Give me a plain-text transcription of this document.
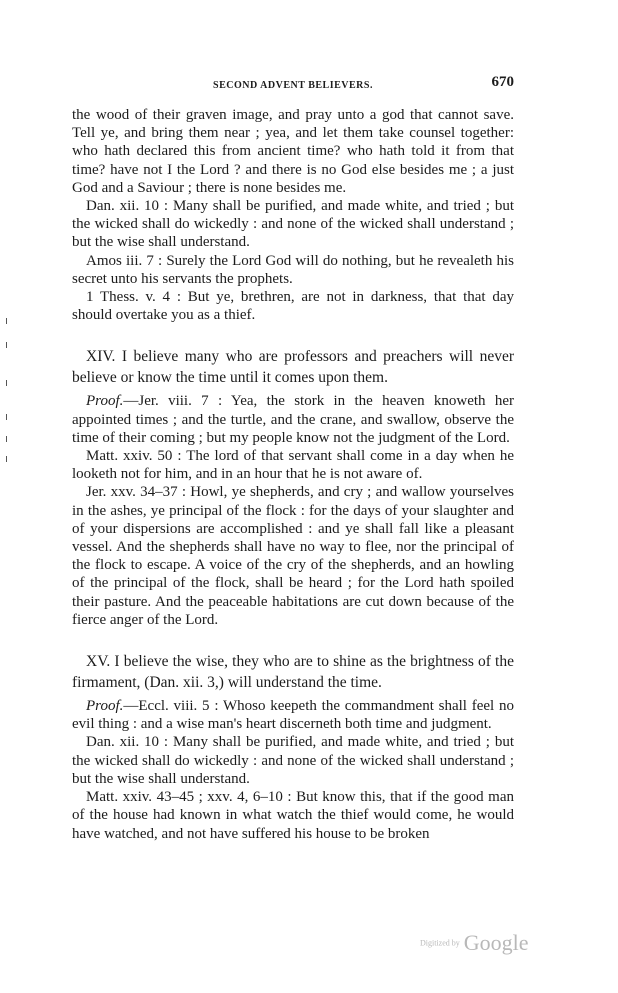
SECOND ADVENT BELIEVERS.	670

the wood of their graven image, and pray unto a god that cannot save. Tell ye, and bring them near ; yea, and let them take counsel together: who hath declared this from ancient time? who hath told it from that time? have not I the Lord ? and there is no God else besides me ; a just God and a Saviour ; there is none besides me.

Dan. xii. 10 : Many shall be purified, and made white, and tried ; but the wicked shall do wickedly : and none of the wicked shall understand ; but the wise shall understand.

Amos iii. 7 : Surely the Lord God will do nothing, but he revealeth his secret unto his servants the prophets.

1 Thess. v. 4 : But ye, brethren, are not in darkness, that that day should overtake you as a thief.

XIV. I believe many who are professors and preachers will never believe or know the time until it comes upon them.

Proof.—Jer. viii. 7 : Yea, the stork in the heaven knoweth her appointed times ; and the turtle, and the crane, and swallow, observe the time of their coming ; but my people know not the judgment of the Lord.

Matt. xxiv. 50 : The lord of that servant shall come in a day when he looketh not for him, and in an hour that he is not aware of.

Jer. xxv. 34–37 : Howl, ye shepherds, and cry ; and wallow yourselves in the ashes, ye principal of the flock : for the days of your slaughter and of your dispersions are accomplished : and ye shall fall like a pleasant vessel. And the shepherds shall have no way to flee, nor the principal of the flock to escape. A voice of the cry of the shepherds, and an howling of the principal of the flock, shall be heard ; for the Lord hath spoiled their pasture. And the peaceable habitations are cut down because of the fierce anger of the Lord.

XV. I believe the wise, they who are to shine as the brightness of the firmament, (Dan. xii. 3,) will understand the time.

Proof.—Eccl. viii. 5 : Whoso keepeth the commandment shall feel no evil thing : and a wise man's heart discerneth both time and judgment.

Dan. xii. 10 : Many shall be purified, and made white, and tried ; but the wicked shall do wickedly : and none of the wicked shall understand ; but the wise shall understand.

Matt. xxiv. 43–45 ; xxv. 4, 6–10 : But know this, that if the good man of the house had known in what watch the thief would come, he would have watched, and not have suffered his house to be broken

Digitized by Google
